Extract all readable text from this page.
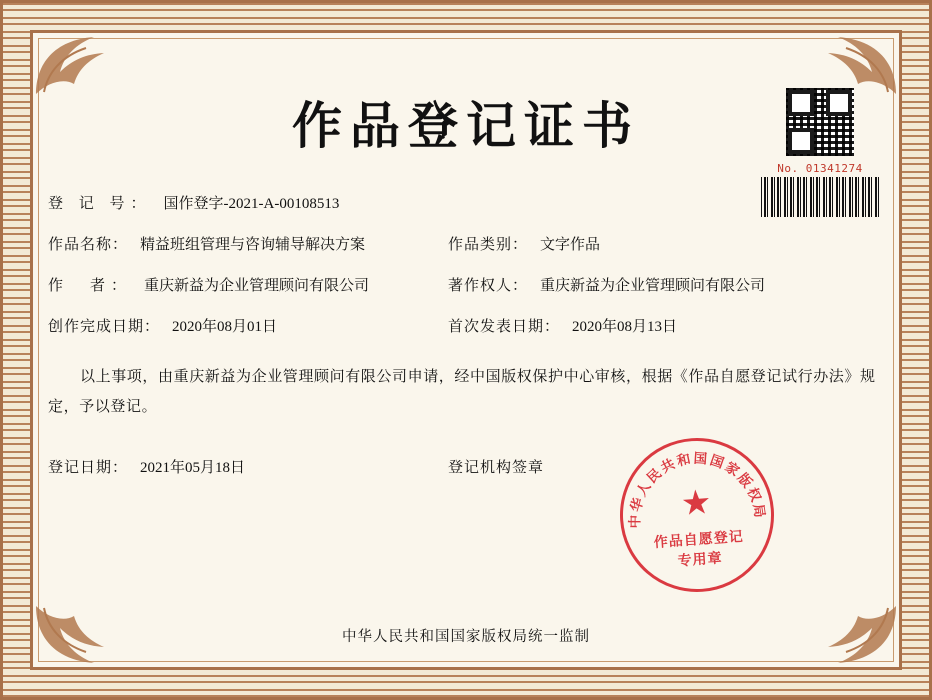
作品登记证书
No. 01341274
登 记 号： 国作登字-2021-A-00108513
作品名称： 精益班组管理与咨询辅导解决方案	作品类别： 文字作品
作　者： 重庆新益为企业管理顾问有限公司	著作权人： 重庆新益为企业管理顾问有限公司
创作完成日期： 2020年08月01日	首次发表日期： 2020年08月13日
以上事项，由重庆新益为企业管理顾问有限公司申请，经中国版权保护中心审核，根据《作品自愿登记试行办法》规定，予以登记。
登记日期： 2021年05月18日	登记机构签章
中华人民共和国国家版权局
★
作品自愿登记
专用章
中华人民共和国国家版权局统一监制
